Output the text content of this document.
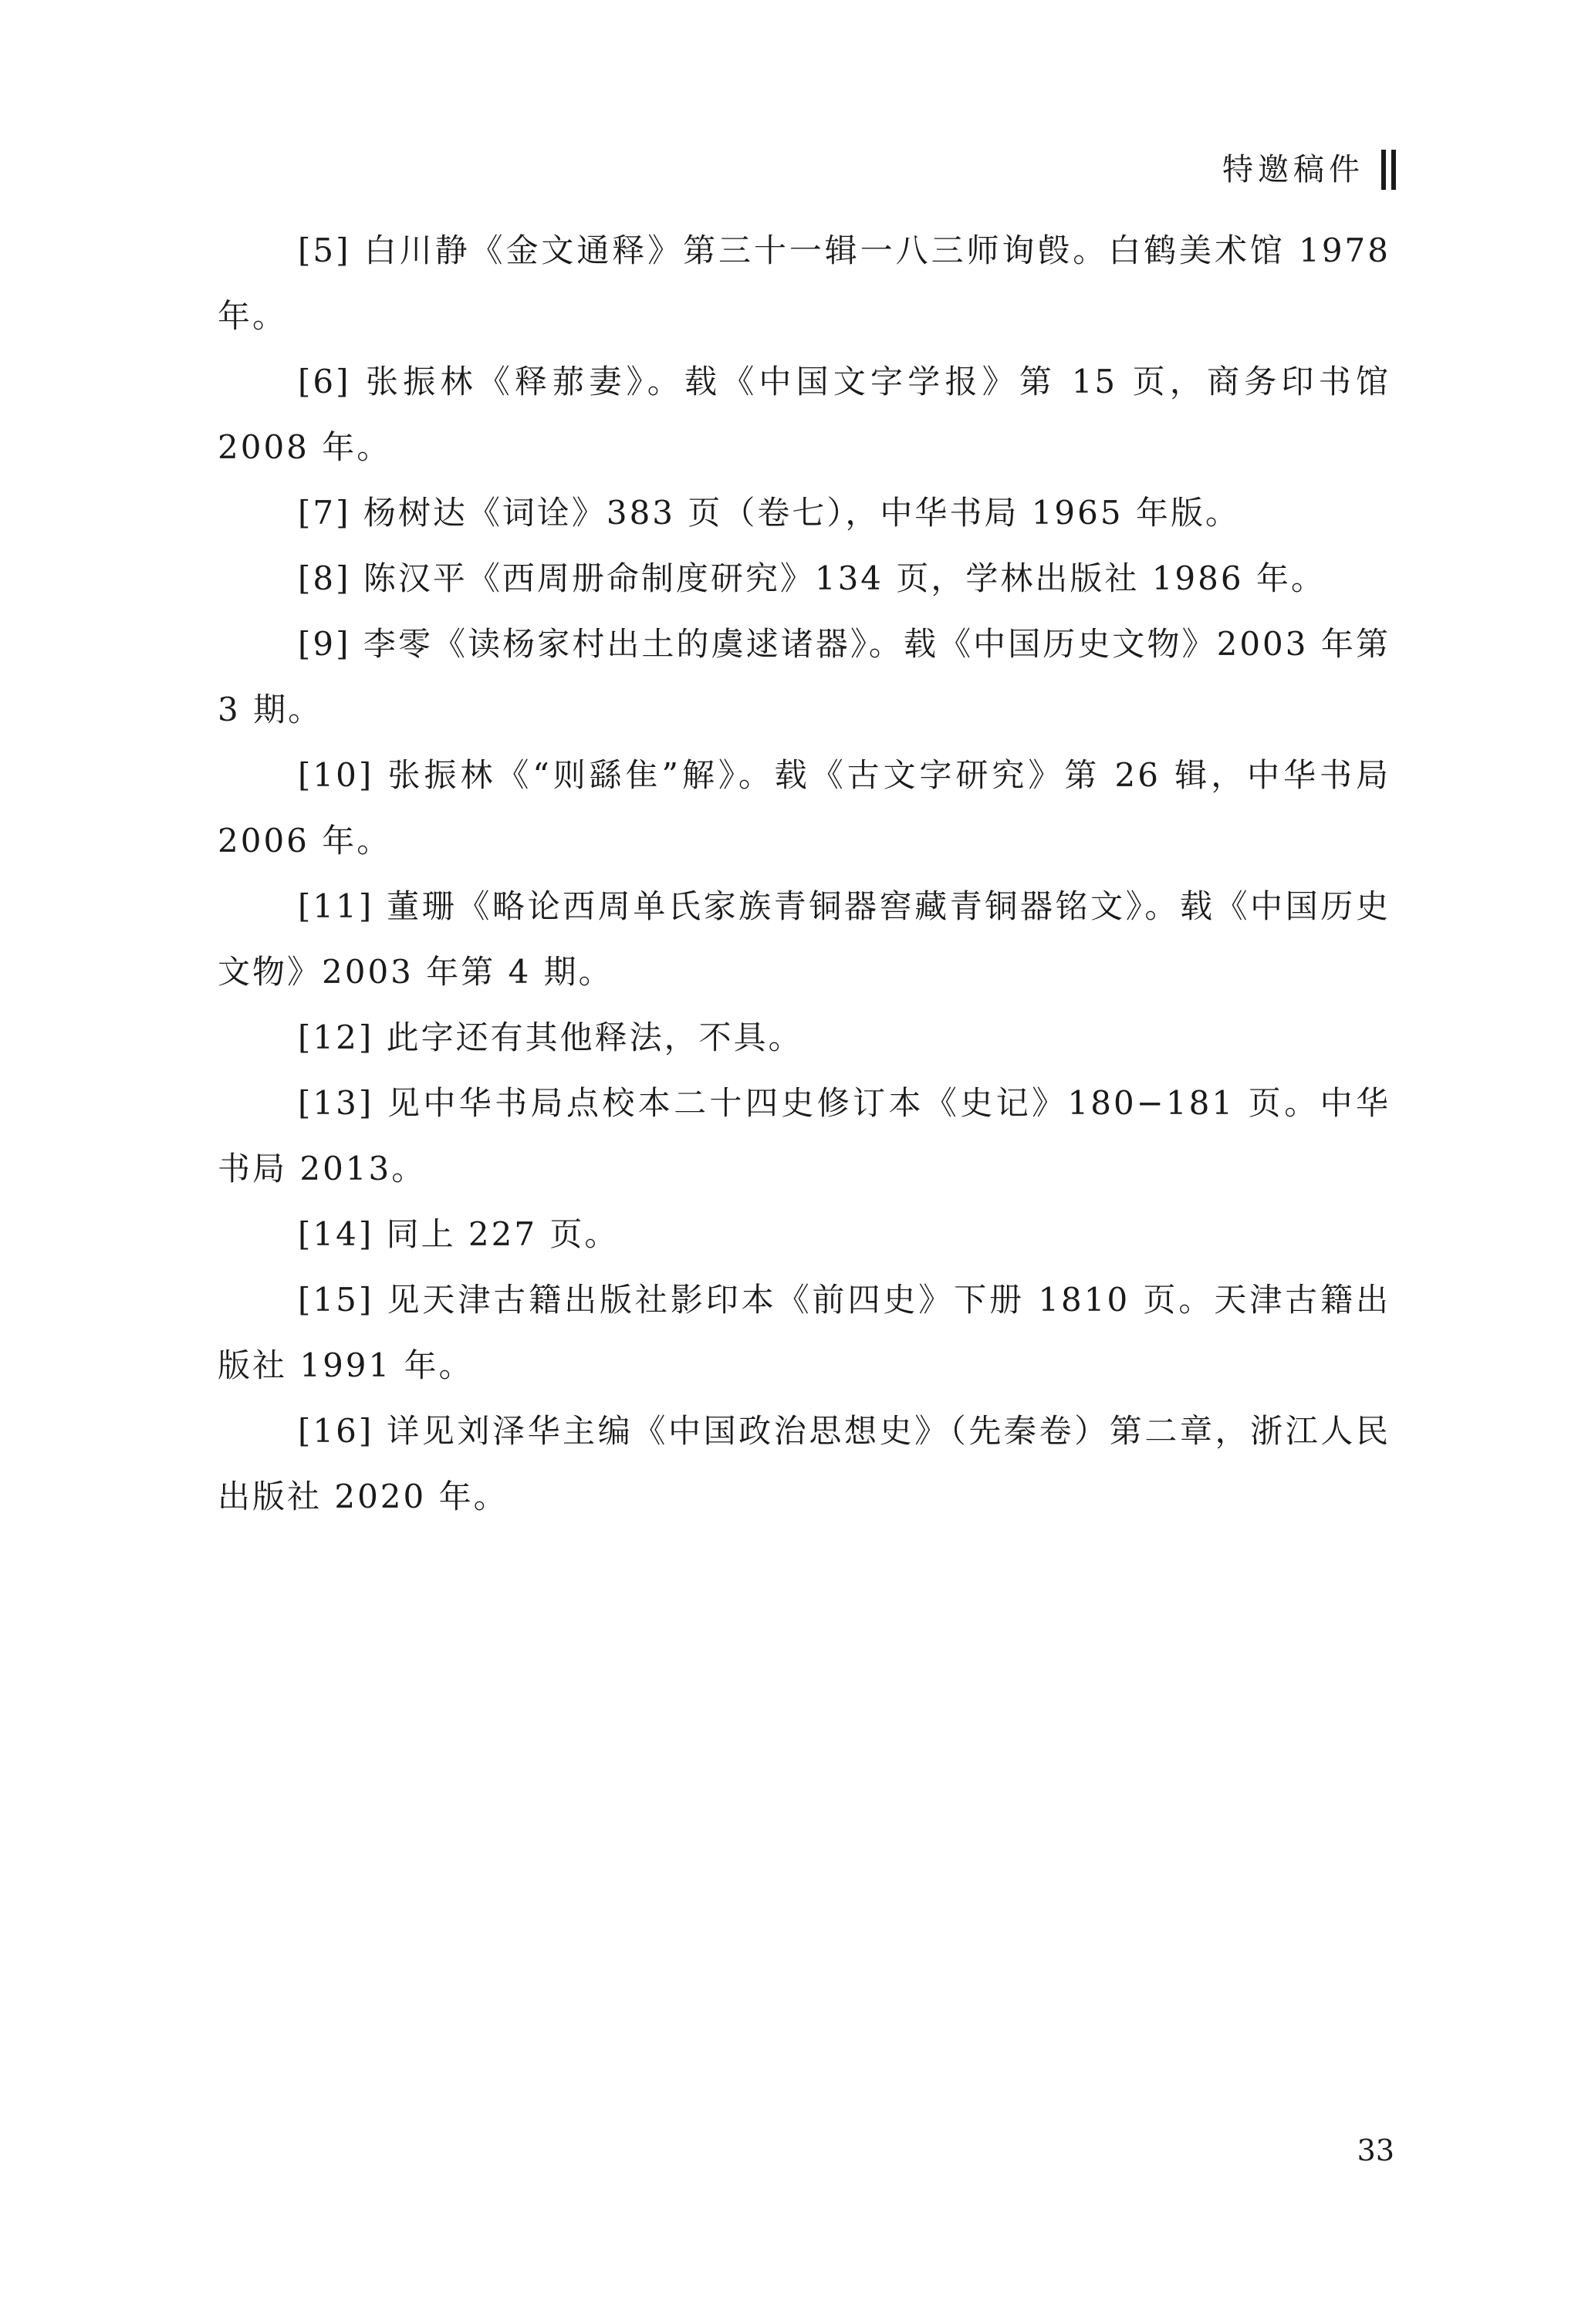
特邀稿件

[5] 白川静《金文通释》第三十一辑一八三师询㲃。白鹤美术馆 1978 年。

[6] 张振林《释𦰡妻》。载《中国文字学报》第 15 页，商务印书馆 2008 年。

[7] 杨树达《词诠》383 页（卷七），中华书局 1965 年版。

[8] 陈汉平《西周册命制度研究》134 页，学林出版社 1986 年。

[9] 李零《读杨家村出土的虞逑诸器》。载《中国历史文物》2003 年第 3 期。

[10] 张振林《“则繇隹”解》。载《古文字研究》第 26 辑，中华书局 2006 年。

[11] 董珊《略论西周单氏家族青铜器窖藏青铜器铭文》。载《中国历史文物》2003 年第 4 期。

[12] 此字还有其他释法，不具。

[13] 见中华书局点校本二十四史修订本《史记》180−181 页。中华书局 2013。

[14] 同上 227 页。

[15] 见天津古籍出版社影印本《前四史》下册 1810 页。天津古籍出版社 1991 年。

[16] 详见刘泽华主编《中国政治思想史》（先秦卷）第二章，浙江人民出版社 2020 年。

33
